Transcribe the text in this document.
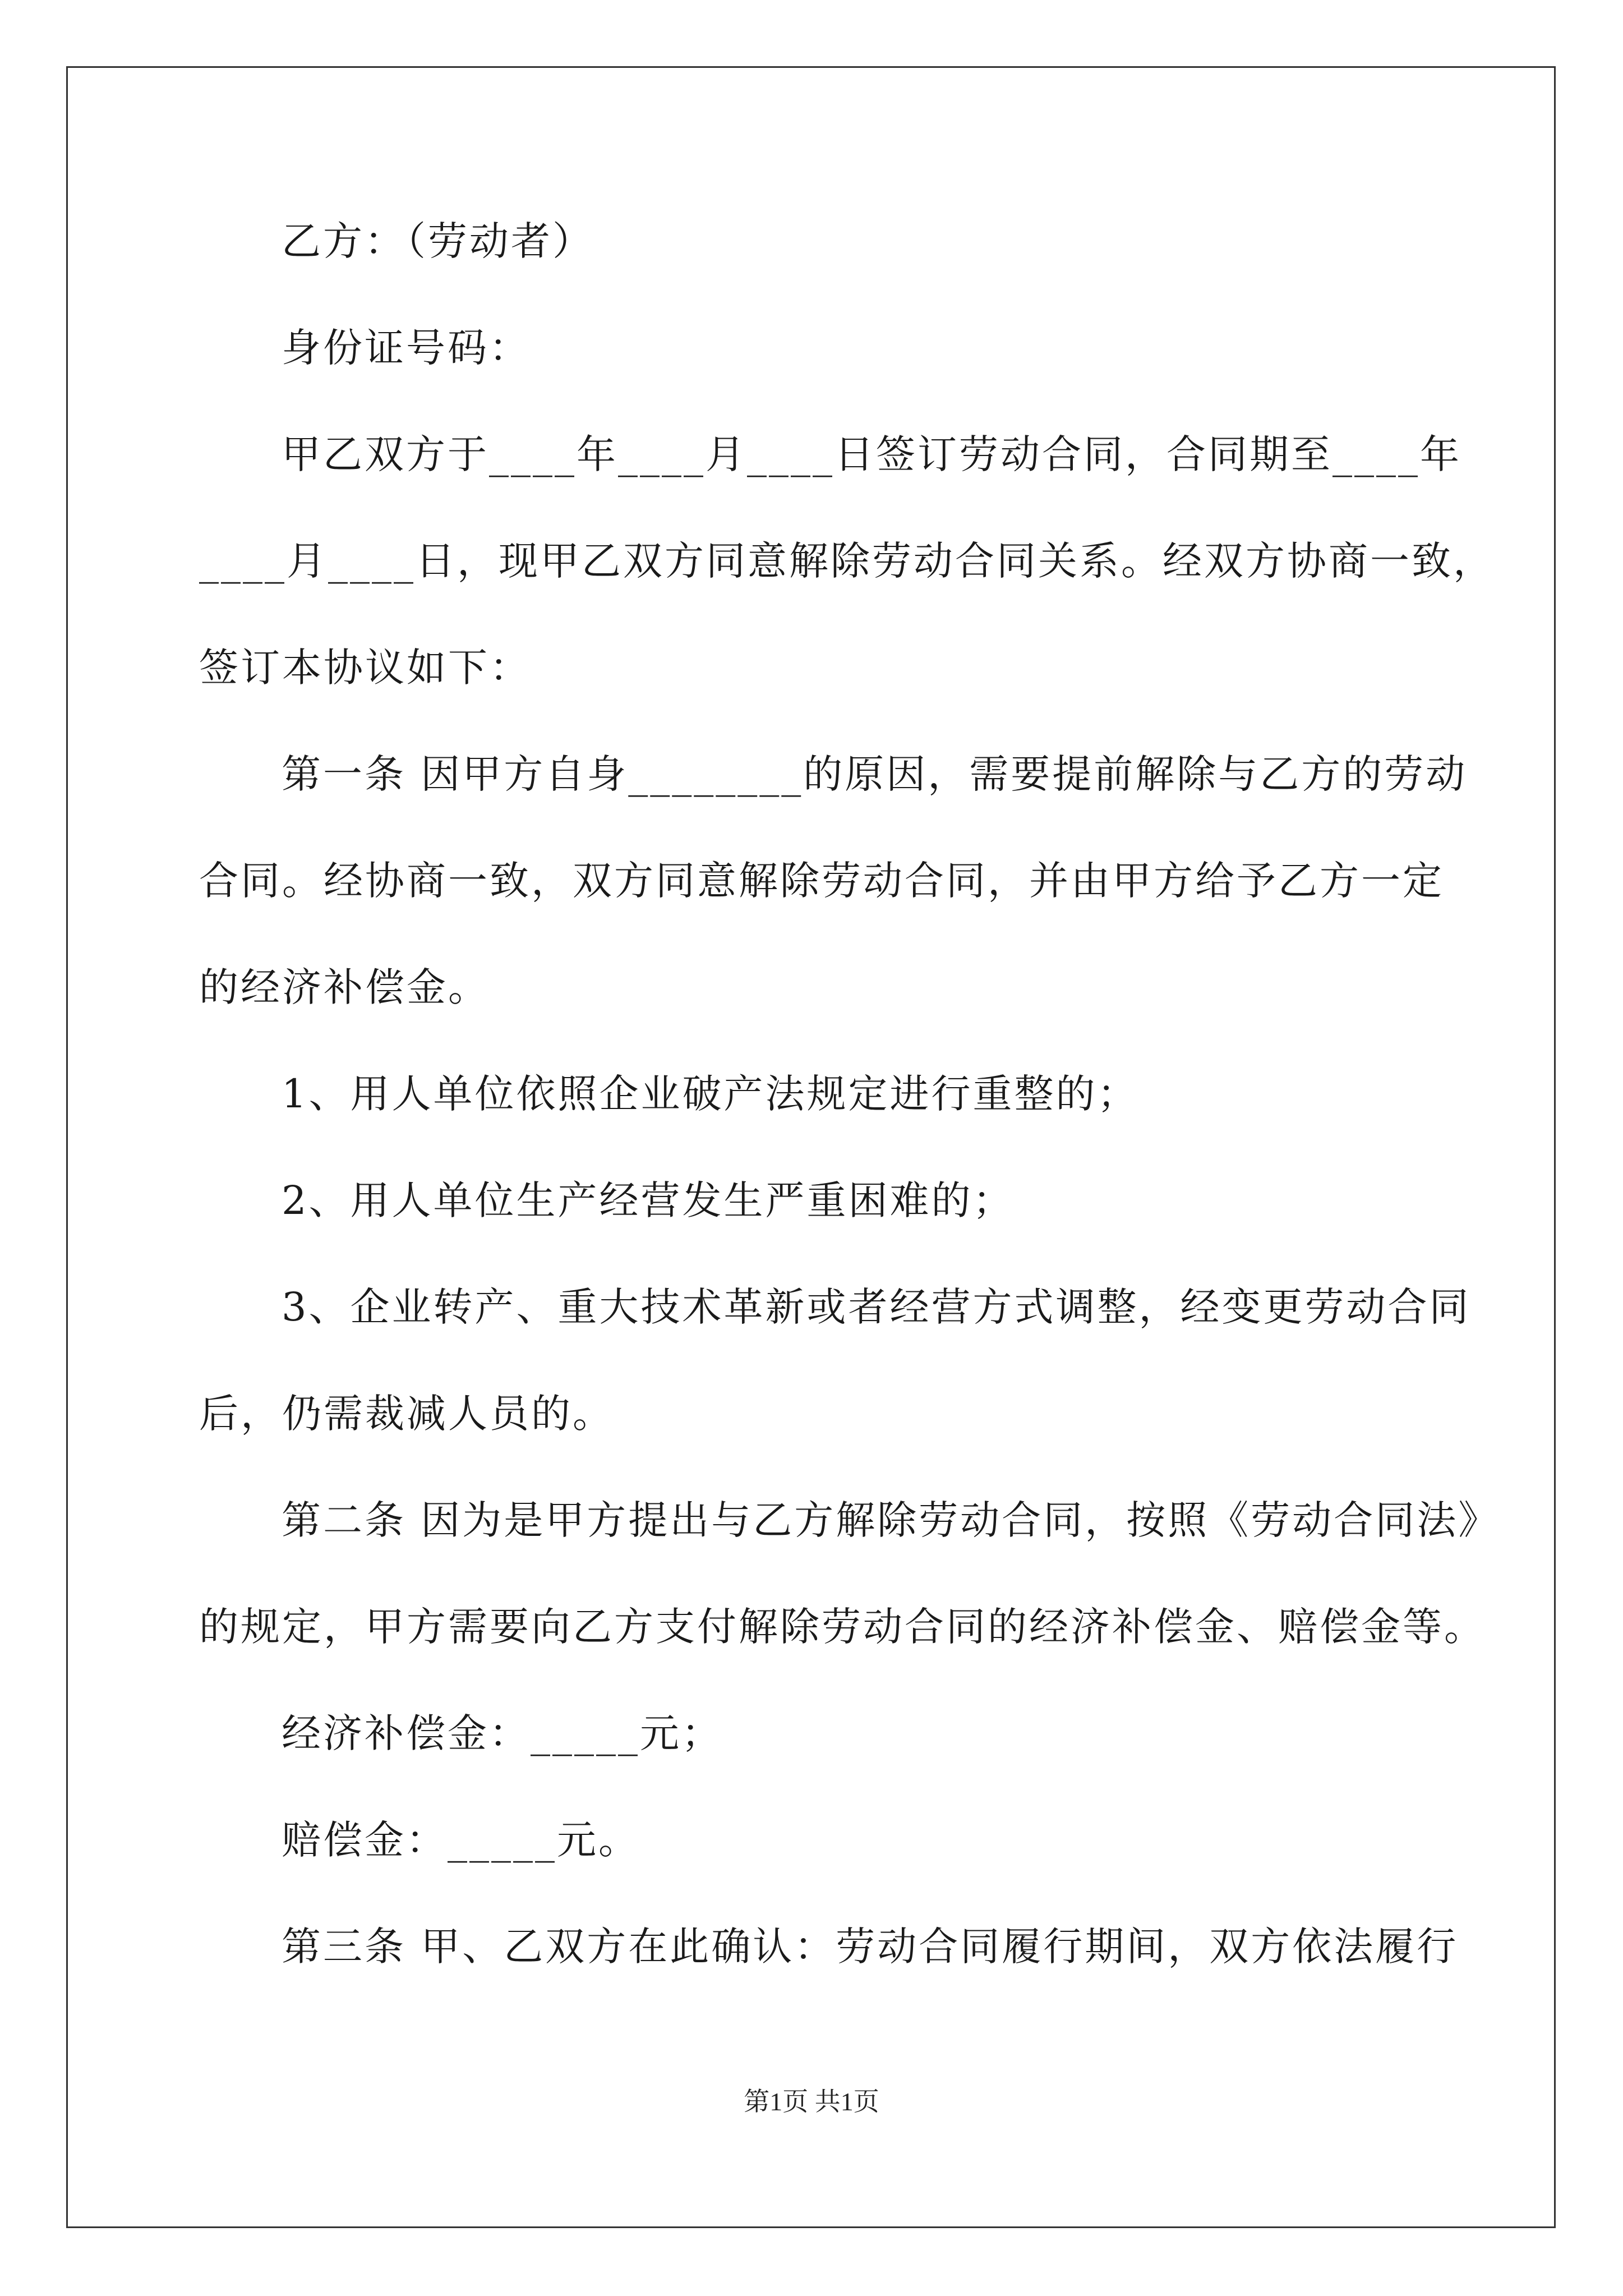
乙方：（劳动者）
身份证号码：
甲乙双方于____年____月____日签订劳动合同，合同期至____年
____月____日，现甲乙双方同意解除劳动合同关系。经双方协商一致，
签订本协议如下：
第一条 因甲方自身________的原因，需要提前解除与乙方的劳动
合同。经协商一致，双方同意解除劳动合同，并由甲方给予乙方一定
的经济补偿金。
1、用人单位依照企业破产法规定进行重整的；
2、用人单位生产经营发生严重困难的；
3、企业转产、重大技术革新或者经营方式调整，经变更劳动合同
后，仍需裁减人员的。
第二条 因为是甲方提出与乙方解除劳动合同，按照《劳动合同法》
的规定，甲方需要向乙方支付解除劳动合同的经济补偿金、赔偿金等。
经济补偿金：_____元；
赔偿金：_____元。
第三条 甲、乙双方在此确认：劳动合同履行期间，双方依法履行
第1页 共1页
